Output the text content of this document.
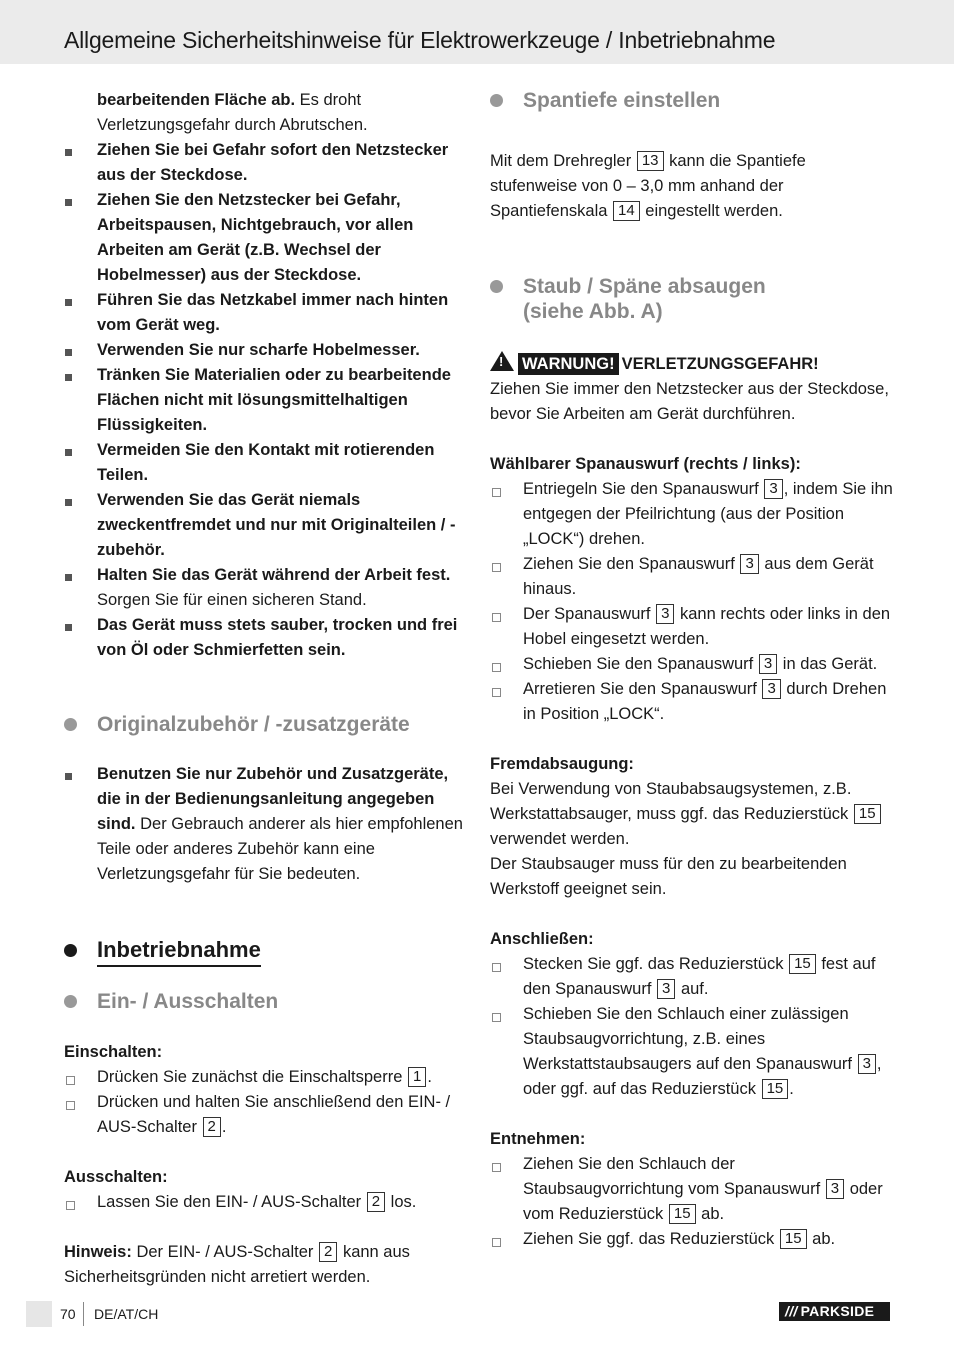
Allgemeine Sicherheitshinweise für Elektrowerkzeuge / Inbetriebnahme

bearbeitenden Fläche ab. Es droht Verletzungsgefahr durch Abrutschen.

Ziehen Sie bei Gefahr sofort den Netzstecker aus der Steckdose.

Ziehen Sie den Netzstecker bei Gefahr, Arbeitspausen, Nichtgebrauch, vor allen Arbeiten am Gerät (z.B. Wechsel der Hobelmesser) aus der Steckdose.

Führen Sie das Netzkabel immer nach hinten vom Gerät weg.

Verwenden Sie nur scharfe Hobelmesser.

Tränken Sie Materialien oder zu bearbeitende Flächen nicht mit lösungsmittelhaltigen Flüssigkeiten.

Vermeiden Sie den Kontakt mit rotierenden Teilen.

Verwenden Sie das Gerät niemals zweckentfremdet und nur mit Originalteilen / -zubehör.

Halten Sie das Gerät während der Arbeit fest. Sorgen Sie für einen sicheren Stand.

Das Gerät muss stets sauber, trocken und frei von Öl oder Schmierfetten sein.

Originalzubehör / -zusatzgeräte

Benutzen Sie nur Zubehör und Zusatzgeräte, die in der Bedienungsanleitung angegeben sind. Der Gebrauch anderer als hier empfohlenen Teile oder anderes Zubehör kann eine Verletzungsgefahr für Sie bedeuten.

Inbetriebnahme
Ein- / Ausschalten

Einschalten:

Drücken Sie zunächst die Einschaltsperre 1 .

Drücken und halten Sie anschließend den EIN- / AUS-Schalter 2 .

Ausschalten:

Lassen Sie den EIN- / AUS-Schalter 2 los.

Hinweis: Der EIN- / AUS-Schalter 2 kann aus Sicherheitsgründen nicht arretiert werden.

Spantiefe einstellen

Mit dem Drehregler 13 kann die Spantiefe stufenweise von 0 – 3,0 mm anhand der Spantiefenskala 14 eingestellt werden.

Staub / Späne absaugen
(siehe Abb. A)

! WARNUNG! VERLETZUNGSGEFAHR!

Ziehen Sie immer den Netzstecker aus der Steckdose, bevor Sie Arbeiten am Gerät durchführen.

Wählbarer Spanauswurf (rechts / links):

Entriegeln Sie den Spanauswurf 3 , indem Sie ihn entgegen der Pfeilrichtung (aus der Position „LOCK“) drehen.

Ziehen Sie den Spanauswurf 3 aus dem Gerät hinaus.

Der Spanauswurf 3 kann rechts oder links in den Hobel eingesetzt werden.

Schieben Sie den Spanauswurf 3 in das Gerät.

Arretieren Sie den Spanauswurf 3 durch Drehen in Position „LOCK“.

Fremdabsaugung:

Bei Verwendung von Staubabsaugsystemen, z.B. Werkstattabsauger, muss ggf. das Reduzierstück 15 verwendet werden.

Der Staubsauger muss für den zu bearbeitenden Werkstoff geeignet sein.

Anschließen:

Stecken Sie ggf. das Reduzierstück 15 fest auf den Spanauswurf 3 auf.

Schieben Sie den Schlauch einer zulässigen Staubsaugvorrichtung, z.B. eines Werkstattstaubsaugers auf den Spanauswurf 3 , oder ggf. auf das Reduzierstück 15 .

Entnehmen:

Ziehen Sie den Schlauch der Staubsaugvorrichtung vom Spanauswurf 3 oder vom Reduzierstück 15 ab.

Ziehen Sie ggf. das Reduzierstück 15 ab.

70 DE/AT/CH	/// PARKSIDE
